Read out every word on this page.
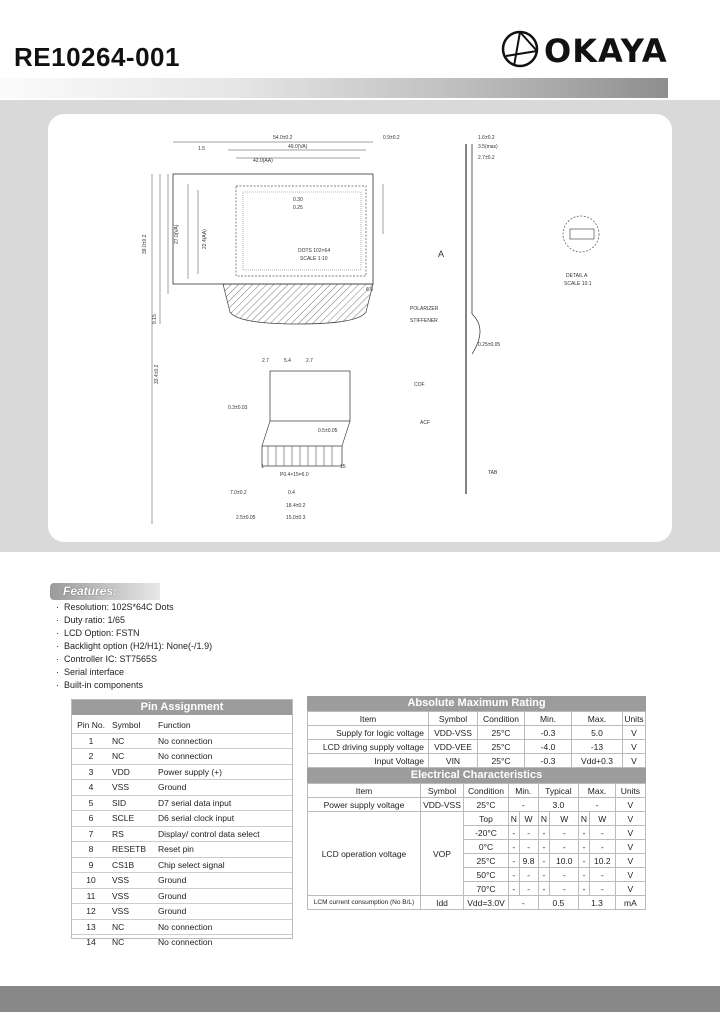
RE10264-001	OKAYA
54.0±0.2
49.0(VA)
42.0(AA)
0.9±0.2
39.0±0.2
27.0(VA)	22.4(AA)
9.15
1.5
DOTS 102×64
SCALE 1:10
6.0
0.30
0.25
2.7	5.4	2.7
0.3±0.03
0.5±0.05
P0.4×15=6.0
7.0±0.2	0.4
18.4±0.2
15.0±0.3
2.5±0.05
33.4±0.2
1	15
1.6±0.2
3.5(max)
2.7±0.2
POLARIZER
STIFFENER
0.25±0.05
ACF
COF
TAB
A
DETAIL A
SCALE 10:1
Features:
· Resolution: 102S*64C Dots
· Duty ratio: 1/65
· LCD Option: FSTN
· Backlight option (H2/H1): None(-/1.9)
· Controller IC: ST7565S
· Serial interface
· Built-in components
Pin Assignment
Pin No.	Symbol	Function
1	NC	No connection
2	NC	No connection
3	VDD	Power supply (+)
4	VSS	Ground
5	SID	D7 serial data input
6	SCLE	D6 serial clock input
7	RS	Display/ control data select
8	RESETB	Reset pin
9	CS1B	Chip select signal
10	VSS	Ground
11	VSS	Ground
12	VSS	Ground
13	NC	No connection
14	NC	No connection
Absolute Maximum Rating
Item	Symbol	Condition	Min.	Max.	Units
Supply for logic voltage	VDD-VSS	25°C	-0.3	5.0	V
LCD driving supply voltage	VDD-VEE	25°C	-4.0	-13	V
Input Voltage	VIN	25°C	-0.3	Vdd+0.3	V
Electrical Characteristics
Item	Symbol	Condition	Min.		Typical		Max.		Units
Power supply voltage	VDD-VSS	25°C	-		3.0		-		V
LCD operation voltage	VOP	Top	N	W	N	W	N	W	V
		-20°C	-	-	-	-	-	-	V
		0°C	-	-	-	-	-	-	V
		25°C	-	9.8	-	10.0	-	10.2	V
		50°C	-	-	-	-	-	-	V
		70°C	-	-	-	-	-	-	V
LCM current consumption (No B/L)	Idd	Vdd=3.0V	-		0.5		1.3		mA
